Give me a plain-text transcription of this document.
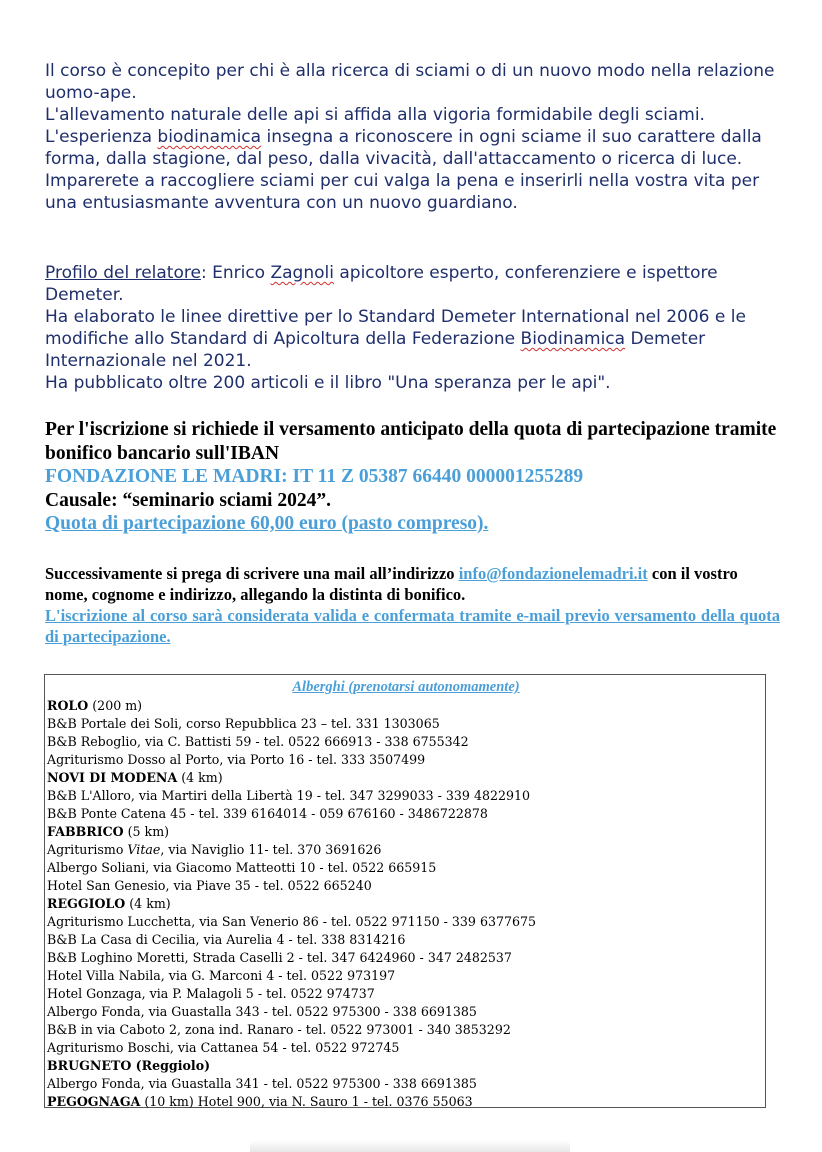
Il corso è concepito per chi è alla ricerca di sciami o di un nuovo modo nella relazione uomo-ape.

L'allevamento naturale delle api si affida alla vigoria formidabile degli sciami.

L'esperienza biodinamica insegna a riconoscere in ogni sciame il suo carattere dalla forma, dalla stagione, dal peso, dalla vivacità, dall'attaccamento o ricerca di luce.

Imparerete a raccogliere sciami per cui valga la pena e inserirli nella vostra vita per una entusiasmante avventura con un nuovo guardiano.

Profilo del relatore: Enrico Zagnoli apicoltore esperto, conferenziere e ispettore Demeter.

Ha elaborato le linee direttive per lo Standard Demeter International nel 2006 e le modifiche allo Standard di Apicoltura della Federazione Biodinamica Demeter Internazionale nel 2021.

Ha pubblicato oltre 200 articoli e il libro "Una speranza per le api".

Per l'iscrizione si richiede il versamento anticipato della quota di partecipazione tramite bonifico bancario sull'IBAN

FONDAZIONE LE MADRI: IT 11 Z 05387 66440 000001255289

Causale: “seminario sciami 2024”.

Quota di partecipazione 60,00 euro (pasto compreso).

Successivamente si prega di scrivere una mail all’indirizzo info@fondazionelemadri.it con il vostro nome, cognome e indirizzo, allegando la distinta di bonifico.

L'iscrizione al corso sarà considerata valida e confermata tramite e-mail previo versamento della quota di partecipazione.

Alberghi (prenotarsi autonomamente)
ROLO (200 m)
B&B Portale dei Soli, corso Repubblica 23 – tel. 331 1303065
B&B Reboglio, via C. Battisti 59 - tel. 0522 666913 - 338 6755342
Agriturismo Dosso al Porto, via Porto 16 - tel. 333 3507499
NOVI DI MODENA (4 km)
B&B L'Alloro, via Martiri della Libertà 19 - tel. 347 3299033 - 339 4822910
B&B Ponte Catena 45 - tel. 339 6164014 - 059 676160 - 3486722878
FABBRICO (5 km)
Agriturismo Vitae, via Naviglio 11- tel. 370 3691626
Albergo Soliani, via Giacomo Matteotti 10 - tel. 0522 665915
Hotel San Genesio, via Piave 35 - tel. 0522 665240
REGGIOLO (4 km)
Agriturismo Lucchetta, via San Venerio 86 - tel. 0522 971150 - 339 6377675
B&B La Casa di Cecilia, via Aurelia 4 - tel. 338 8314216
B&B Loghino Moretti, Strada Caselli 2 - tel. 347 6424960 - 347 2482537
Hotel Villa Nabila, via G. Marconi 4 - tel. 0522 973197
Hotel Gonzaga, via P. Malagoli 5 - tel. 0522 974737
Albergo Fonda, via Guastalla 343 - tel. 0522 975300 - 338 6691385
B&B in via Caboto 2, zona ind. Ranaro - tel. 0522 973001 - 340 3853292
Agriturismo Boschi, via Cattanea 54 - tel. 0522 972745
BRUGNETO (Reggiolo)
Albergo Fonda, via Guastalla 341 - tel. 0522 975300 - 338 6691385
PEGOGNAGA (10 km) Hotel 900, via N. Sauro 1 - tel. 0376 55063
